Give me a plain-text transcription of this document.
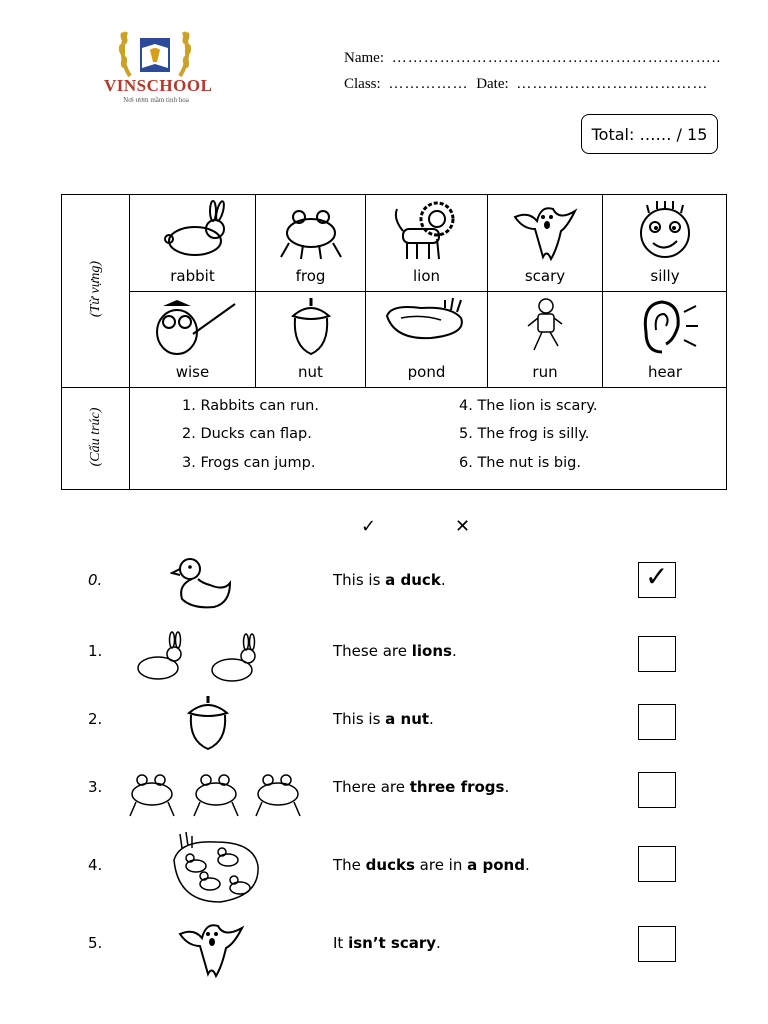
VINSCHOOL
Nơi ươm mầm tinh hoa
Name: ……………………………………………………..
Class: …………… Date: ………………………………
Total: …… / 15
(Từ vựng)
(Cấu trúc)
rabbit	frog	lion	scary	silly
wise	nut	pond	run	hear
1. Rabbits can run.
2. Ducks can flap.
3. Frogs can jump.
4. The lion is scary.
5. The frog is silly.
6. The nut is big.
✓	✕
0.	This is a duck.	✓
1.	These are lions.
2.	This is a nut.
3.	There are three frogs.
4.	The ducks are in a pond.
5.	It isn’t scary.
